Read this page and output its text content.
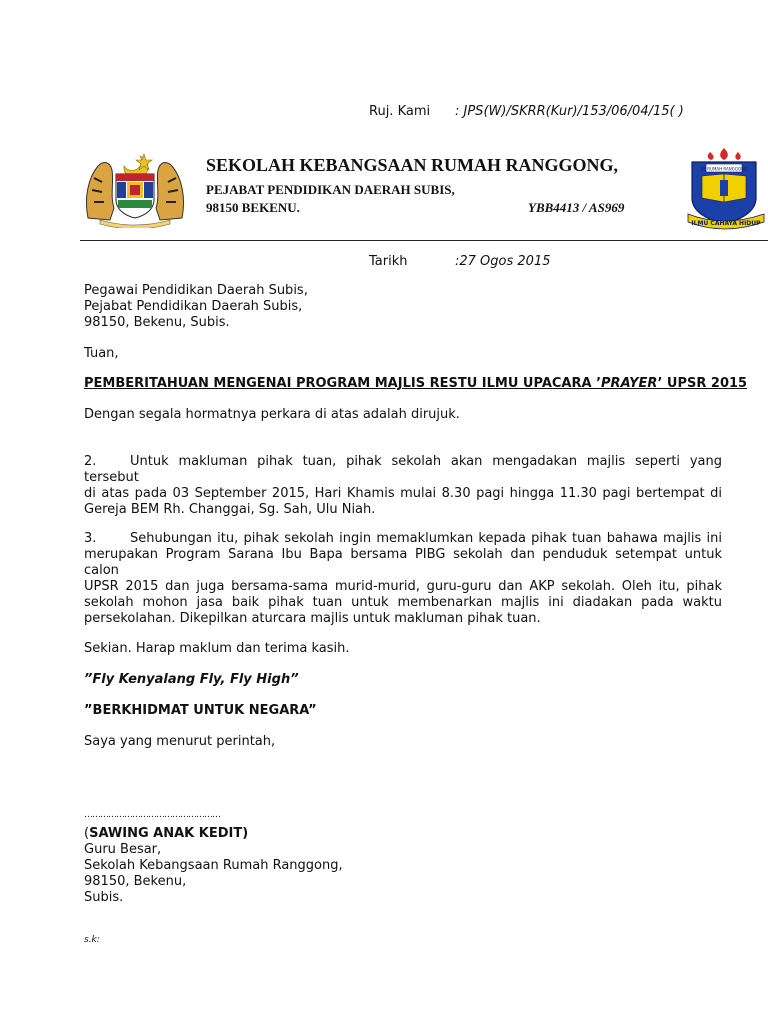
Ruj. Kami : JPS(W)/SKRR(Kur)/153/06/04/15( )
SEKOLAH KEBANGSAAN RUMAH RANGGONG,
PEJABAT PENDIDIKAN DAERAH SUBIS,
98150 BEKENU.	YBB4413 / AS969
SK RUMAH RANGGONG
ILMU CAHAYA HIDUP
Tarikh	:27 Ogos 2015
Pegawai Pendidikan Daerah Subis,
Pejabat Pendidikan Daerah Subis,
98150, Bekenu, Subis.
Tuan,
PEMBERITAHUAN MENGENAI PROGRAM MAJLIS RESTU ILMU UPACARA ’PRAYER’ UPSR 2015
Dengan segala hormatnya perkara di atas adalah dirujuk.
2.	Untuk makluman pihak tuan, pihak sekolah akan mengadakan majlis seperti yang tersebut
di atas pada 03 September 2015, Hari Khamis mulai 8.30 pagi hingga 11.30 pagi bertempat di
Gereja BEM Rh. Changgai, Sg. Sah, Ulu Niah.
3.	Sehubungan itu, pihak sekolah ingin memaklumkan kepada pihak tuan bahawa majlis ini
merupakan Program Sarana Ibu Bapa bersama PIBG sekolah dan penduduk setempat untuk calon
UPSR 2015 dan juga bersama-sama murid-murid, guru-guru dan AKP sekolah. Oleh itu, pihak
sekolah mohon jasa baik pihak tuan untuk membenarkan majlis ini diadakan pada waktu
persekolahan. Dikepilkan aturcara majlis untuk makluman pihak tuan.
Sekian. Harap maklum dan terima kasih.
”Fly Kenyalang Fly, Fly High”
”BERKHIDMAT UNTUK NEGARA”
Saya yang menurut perintah,
……………………………………………
(SAWING ANAK KEDIT)
Guru Besar,
Sekolah Kebangsaan Rumah Ranggong,
98150, Bekenu,
Subis.
s.k:
